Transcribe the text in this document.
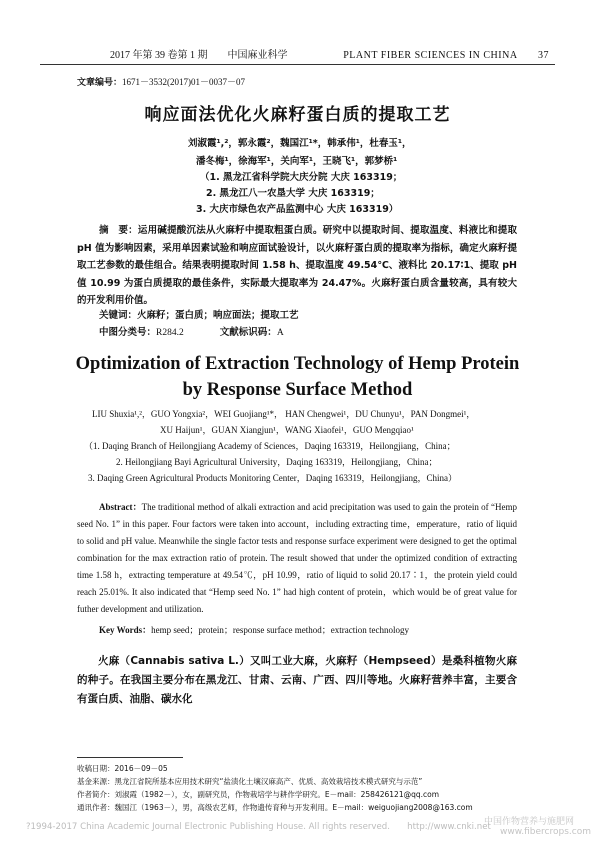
2017 年第 39 卷第 1 期　　中国麻业科学	PLANT FIBER SCIENCES IN CHINA　　37
文章编号：1671－3532(2017)01－0037－07
响应面法优化火麻籽蛋白质的提取工艺
刘淑霞¹,²，郭永霞²，魏国江¹*，韩承伟¹，杜春玉¹，
潘冬梅¹，徐海军¹，关向军¹，王晓飞¹，郭梦桥¹
（1. 黑龙江省科学院大庆分院 大庆 163319；
2. 黑龙江八一农垦大学 大庆 163319；
3. 大庆市绿色农产品监测中心 大庆 163319）
摘　要：运用碱提酸沉法从火麻籽中提取粗蛋白质。研究中以提取时间、提取温度、料液比和提取 pH 值为影响因素，采用单因素试验和响应面试验设计，以火麻籽蛋白质的提取率为指标，确定火麻籽提取工艺参数的最佳组合。结果表明提取时间 1.58 h、提取温度 49.54℃、液料比 20.17∶1、提取 pH 值 10.99 为蛋白质提取的最佳条件，实际最大提取率为 24.47%。火麻籽蛋白质含量较高，具有较大的开发利用价值。
关键词：火麻籽；蛋白质；响应面法；提取工艺
中图分类号：R284.2	文献标识码：A
Optimization of Extraction Technology of Hemp Protein
by Response Surface Method
LIU Shuxia¹,²，GUO Yongxia²，WEI Guojiang¹*， HAN Chengwei¹，DU Chunyu¹，PAN Dongmei¹，
XU Haijun¹，GUAN Xiangjun¹，WANG Xiaofei¹，GUO Mengqiao¹
（1. Daqing Branch of Heilongjiang Academy of Sciences，Daqing 163319，Heilongjiang，China；
2. Heilongjiang Bayi Agricultural University，Daqing 163319，Heilongjiang，China；
3. Daqing Green Agricultural Products Monitoring Center，Daqing 163319，Heilongjiang，China）
Abstract：The traditional method of alkali extraction and acid precipitation was used to gain the protein of “Hemp seed No. 1” in this paper. Four factors were taken into account，including extracting time，emperature，ratio of liquid to solid and pH value. Meanwhile the single factor tests and response surface experiment were designed to get the optimal combination for the max extraction ratio of protein. The result showed that under the optimized condition of extracting time 1.58 h，extracting temperature at 49.54℃，pH 10.99，ratio of liquid to solid 20.17∶1，the protein yield could reach 25.01%. It also indicated that “Hemp seed No. 1” had high content of protein，which would be of great value for futher development and utilization.
Key Words：hemp seed；protein；response surface method；extraction technology
火麻（Cannabis sativa L.）又叫工业大麻，火麻籽（Hempseed）是桑科植物火麻的种子。在我国主要分布在黑龙江、甘肃、云南、广西、四川等地。火麻籽营养丰富，主要含有蛋白质、油脂、碳水化
收稿日期：2016－09－05
基金来源：黑龙江省院所基本应用技术研究“盐渍化土壤汉麻高产、优质、高效栽培技术模式研究与示范”
作者简介：刘淑霞（1982－），女，副研究员，作物栽培学与耕作学研究。E－mail：258426121@qq.com
通讯作者：魏国江（1963－），男，高级农艺师，作物遗传育种与开发利用。E－mail：weiguojiang2008@163.com
?1994-2017 China Academic Journal Electronic Publishing House. All rights reserved.　　http://www.cnki.net
中国作物营养与施肥网
www.fibercrops.com
